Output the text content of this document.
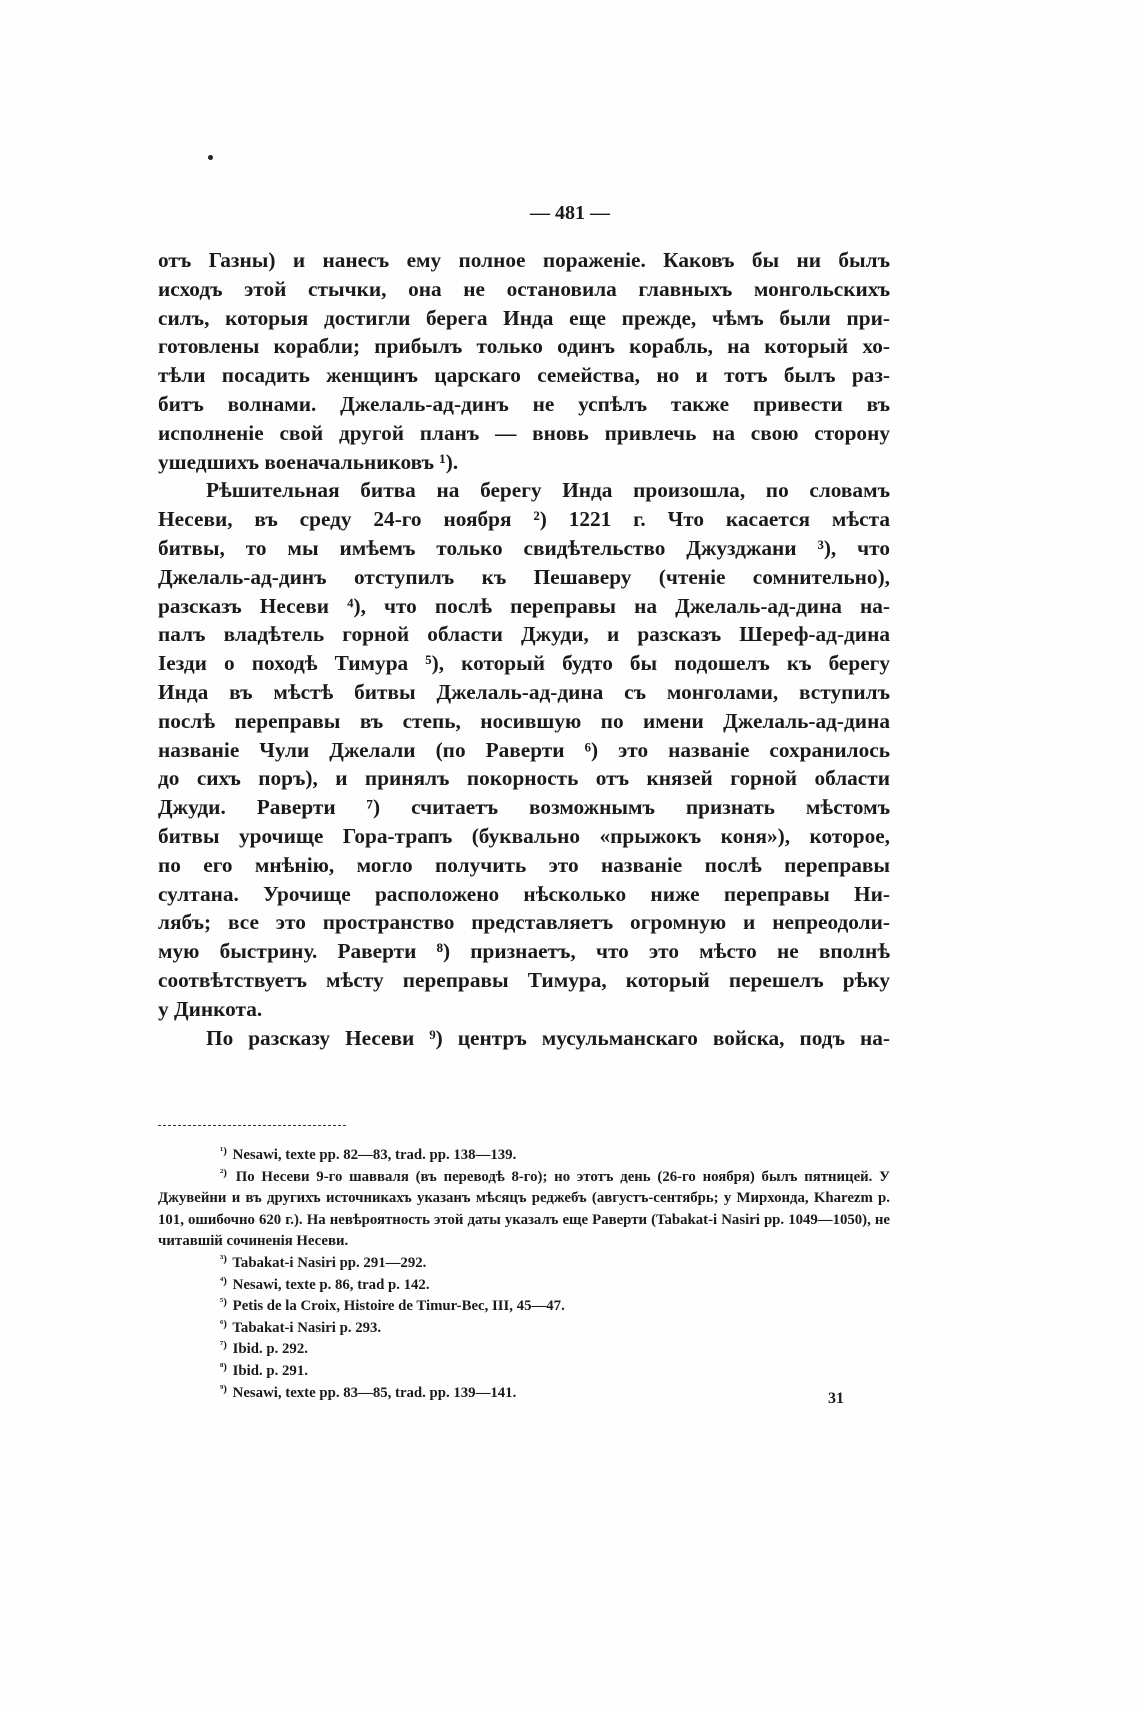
— 481 —

отъ Газны) и нанесъ ему полное пораженіе. Каковъ бы ни былъ
исходъ этой стычки, она не остановила главныхъ монгольскихъ
силъ, которыя достигли берега Инда еще прежде, чѣмъ были при-
готовлены корабли; прибылъ только одинъ корабль, на который хо-
тѣли посадить женщинъ царскаго семейства, но и тотъ былъ раз-
битъ волнами. Джелаль-ад-динъ не успѣлъ также привести въ
исполненіе свой другой планъ — вновь привлечь на свою сторону
ушедшихъ военачальниковъ ¹).

Рѣшительная битва на берегу Инда произошла, по словамъ
Несеви, въ среду 24-го ноября ²) 1221 г. Что касается мѣста
битвы, то мы имѣемъ только свидѣтельство Джузджани ³), что
Джелаль-ад-динъ отступилъ къ Пешаверу (чтеніе сомнительно),
разсказъ Несеви ⁴), что послѣ переправы на Джелаль-ад-дина на-
палъ владѣтель горной области Джуди, и разсказъ Шереф-ад-дина
Іезди о походѣ Тимура ⁵), который будто бы подошелъ къ берегу
Инда въ мѣстѣ битвы Джелаль-ад-дина съ монголами, вступилъ
послѣ переправы въ степь, носившую по имени Джелаль-ад-дина
названіе Чули Джелали (по Раверти ⁶) это названіе сохранилось
до сихъ поръ), и принялъ покорность отъ князей горной области
Джуди. Раверти ⁷) считаетъ возможнымъ признать мѣстомъ
битвы урочище Гора-трапъ (буквально «прыжокъ коня»), которое,
по его мнѣнію, могло получить это названіе послѣ переправы
султана. Урочище расположено нѣсколько ниже переправы Ни-
лябъ; все это пространство представляетъ огромную и непреодоли-
мую быстрину. Раверти ⁸) признаетъ, что это мѣсто не вполнѣ
соотвѣтствуетъ мѣсту переправы Тимура, который перешелъ рѣку
у Динкота.

По разсказу Несеви ⁹) центръ мусульманскаго войска, подъ на-

$^{^1)}$ Nesawi, texte pp. 82—83, trad. pp. 138—139.
$^{^2)}$ По Несеви 9-го шавваля (въ переводѣ 8-го); но этотъ день (26-го ноября) былъ пятницей. У Джувейни и въ другихъ источникахъ указанъ мѣсяцъ реджебъ (августъ-сентябрь; у Мирхонда, Kharezm p. 101, ошибочно 620 г.). На невѣроятность этой даты указалъ еще Раверти (Tabakat-i Nasiri pp. 1049—1050), не читавшій сочиненія Несеви.
$^{^3)}$ Tabakat-i Nasiri pp. 291—292.
$^{^4)}$ Nesawi, texte p. 86, trad p. 142.
$^{^5)}$ Petis de la Croix, Histoire de Timur-Bec, III, 45—47.
$^{^6)}$ Tabakat-i Nasiri p. 293.
$^{^7)}$ Ibid. p. 292.
$^{^8)}$ Ibid. p. 291.
$^{^9)}$ Nesawi, texte pp. 83—85, trad. pp. 139—141.	31
